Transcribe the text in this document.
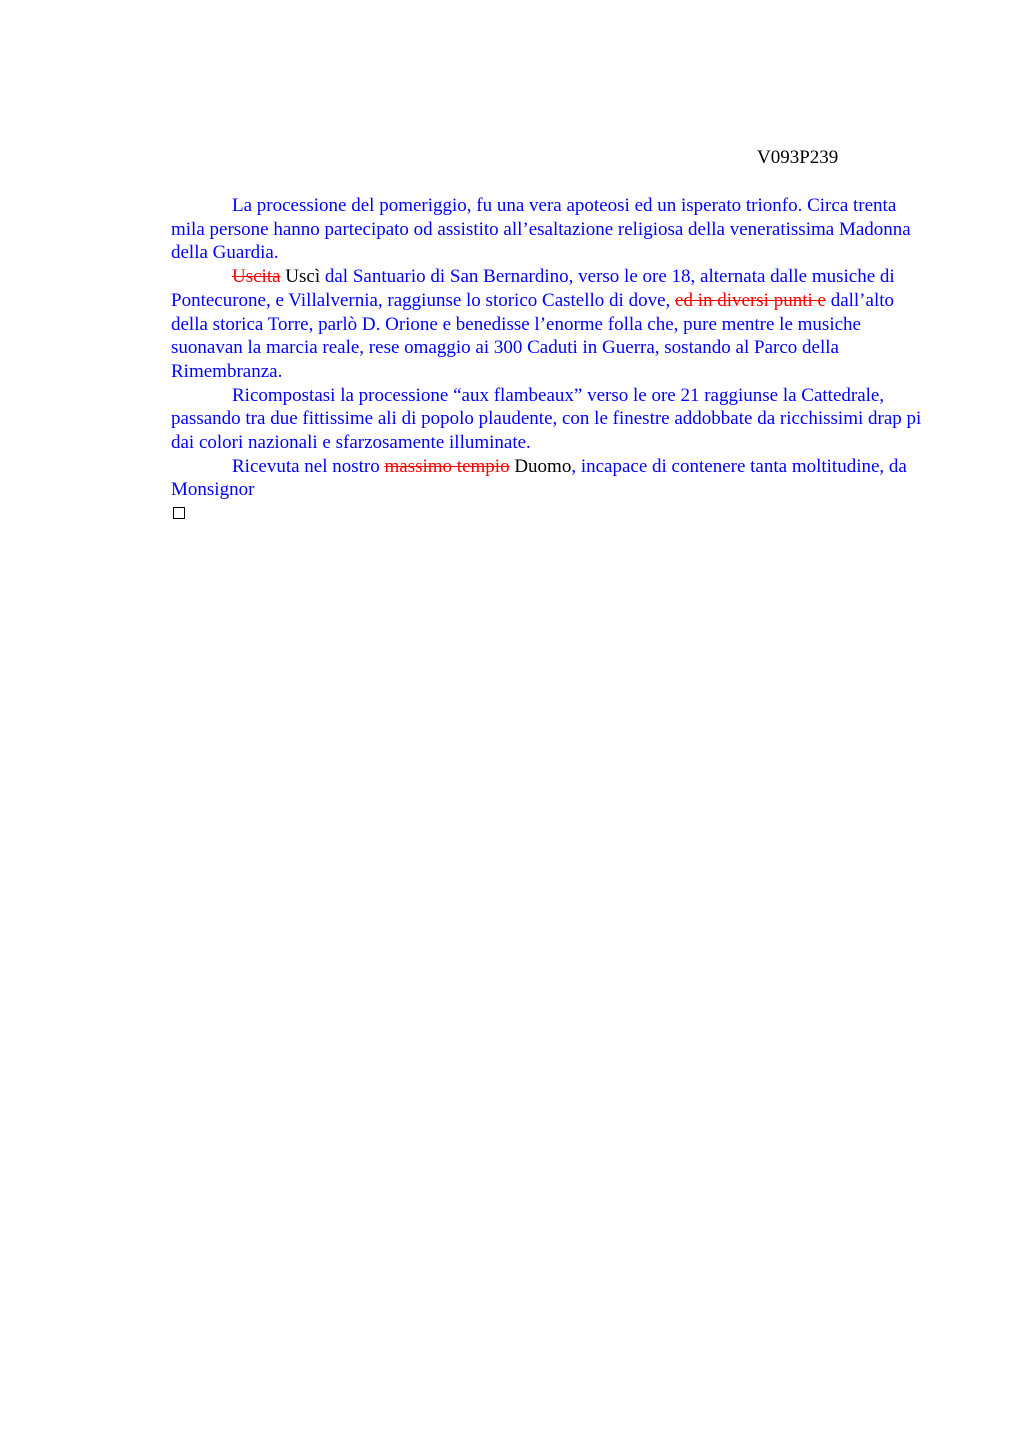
V093P239

La processione del pomeriggio, fu una vera apoteosi ed un isperato trionfo. Circa trenta mila persone hanno partecipato od assistito all’esaltazione religiosa della veneratissima Madonna della Guardia.

Uscita Uscì dal Santuario di San Bernardino, verso le ore 18, alternata dalle musiche di Pontecurone, e Villalvernia, raggiunse lo storico Castello di dove, ed in diversi punti e dall’alto della storica Torre, parlò D. Orione e benedisse l’enorme folla che, pure mentre le musiche suonavan la marcia reale, rese omaggio ai 300 Caduti in Guerra, sostando al Parco della Rimembranza.

Ricompostasi la processione “aux flambeaux” verso le ore 21 raggiunse la Cattedrale, passando tra due fittissime ali di popolo plaudente, con le finestre addobbate da ricchissimi drap pi dai colori nazionali e sfarzosamente illuminate.

Ricevuta nel nostro massimo tempio Duomo, incapace di contenere tanta moltitudine, da Monsignor
